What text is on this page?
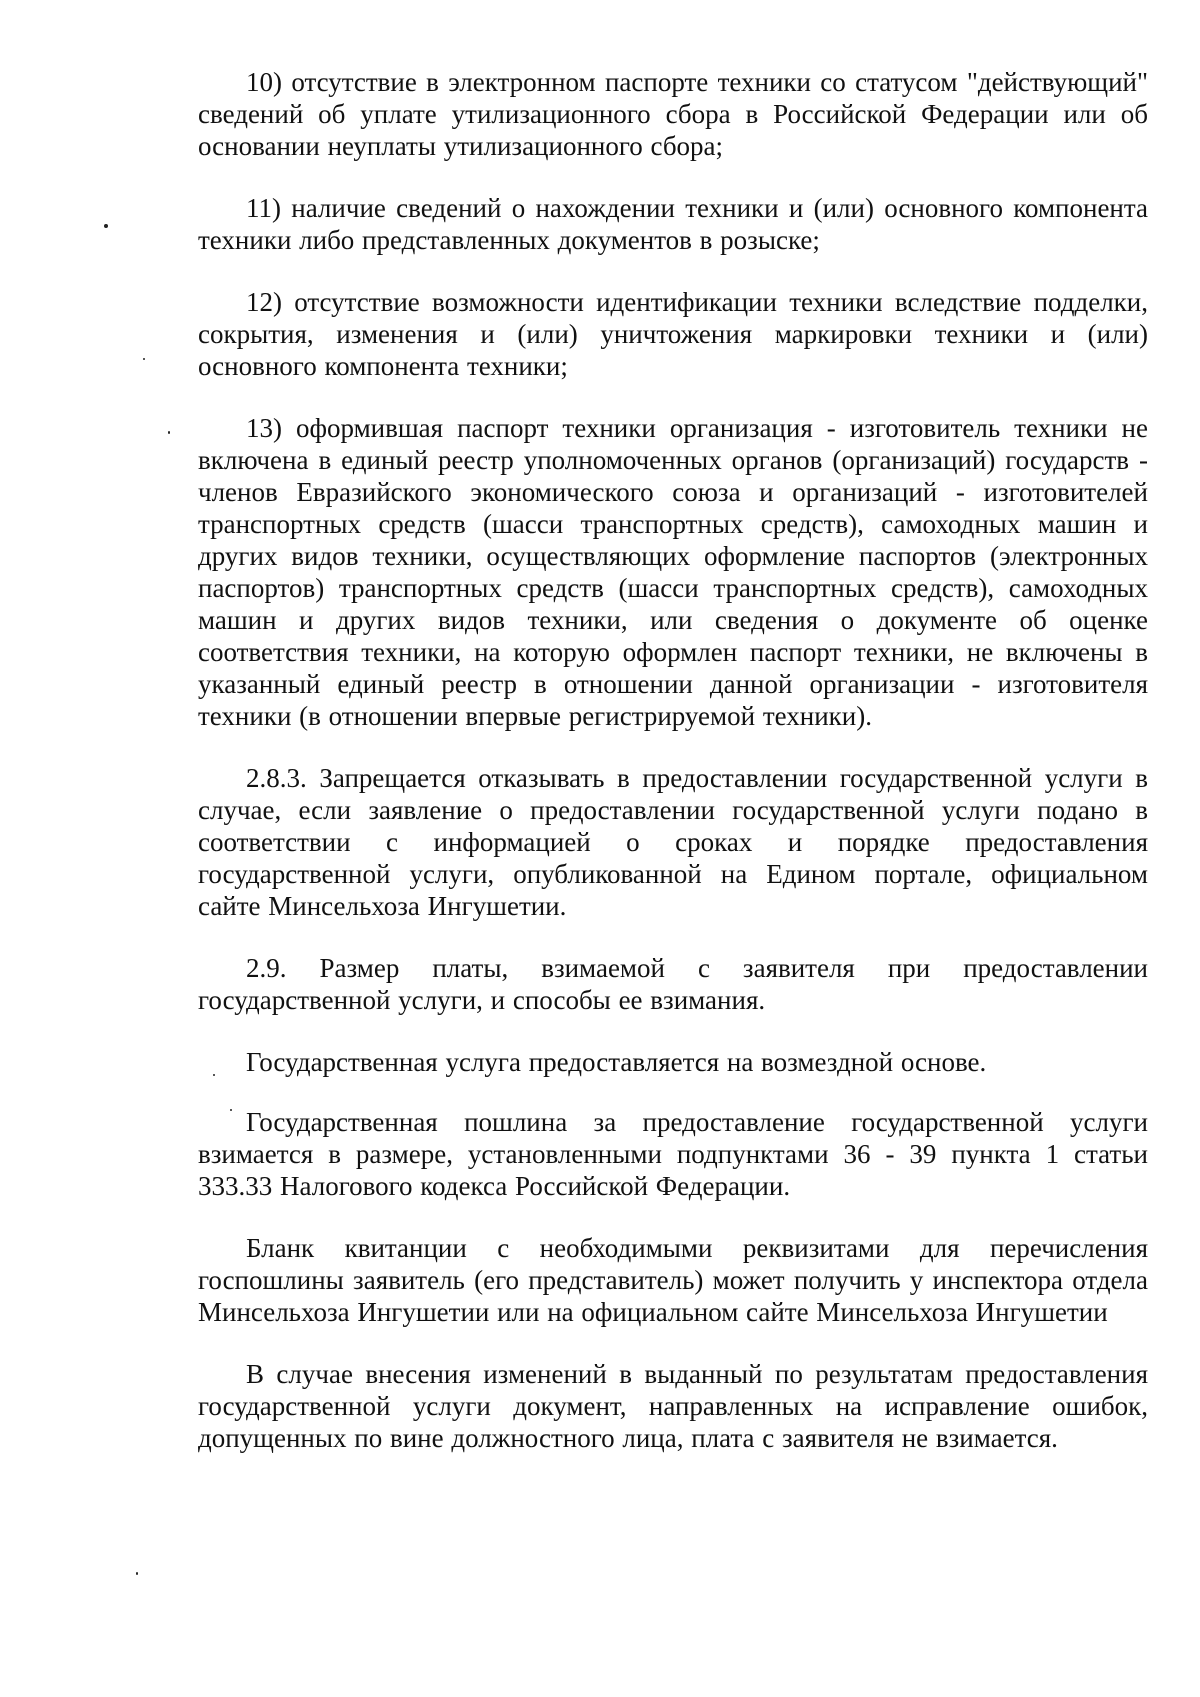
10) отсутствие в электронном паспорте техники со статусом "действующий" сведений об уплате утилизационного сбора в Российской Федерации или об основании неуплаты утилизационного сбора;

11) наличие сведений о нахождении техники и (или) основного компонента техники либо представленных документов в розыске;

12) отсутствие возможности идентификации техники вследствие подделки, сокрытия, изменения и (или) уничтожения маркировки техники и (или) основного компонента техники;

13) оформившая паспорт техники организация - изготовитель техники не включена в единый реестр уполномоченных органов (организаций) государств - членов Евразийского экономического союза и организаций - изготовителей транспортных средств (шасси транспортных средств), самоходных машин и других видов техники, осуществляющих оформление паспортов (электронных паспортов) транспортных средств (шасси транспортных средств), самоходных машин и других видов техники, или сведения о документе об оценке соответствия техники, на которую оформлен паспорт техники, не включены в указанный единый реестр в отношении данной организации - изготовителя техники (в отношении впервые регистрируемой техники).

2.8.3. Запрещается отказывать в предоставлении государственной услуги в случае, если заявление о предоставлении государственной услуги подано в соответствии с информацией о сроках и порядке предоставления государственной услуги, опубликованной на Едином портале, официальном сайте Минсельхоза Ингушетии.

2.9. Размер платы, взимаемой с заявителя при предоставлении государственной услуги, и способы ее взимания.

Государственная услуга предоставляется на возмездной основе.

Государственная пошлина за предоставление государственной услуги взимается в размере, установленными подпунктами 36 - 39 пункта 1 статьи 333.33 Налогового кодекса Российской Федерации.

Бланк квитанции с необходимыми реквизитами для перечисления госпошлины заявитель (его представитель) может получить у инспектора отдела Минсельхоза Ингушетии или на официальном сайте Минсельхоза Ингушетии

В случае внесения изменений в выданный по результатам предоставления государственной услуги документ, направленных на исправление ошибок, допущенных по вине должностного лица, плата с заявителя не взимается.
